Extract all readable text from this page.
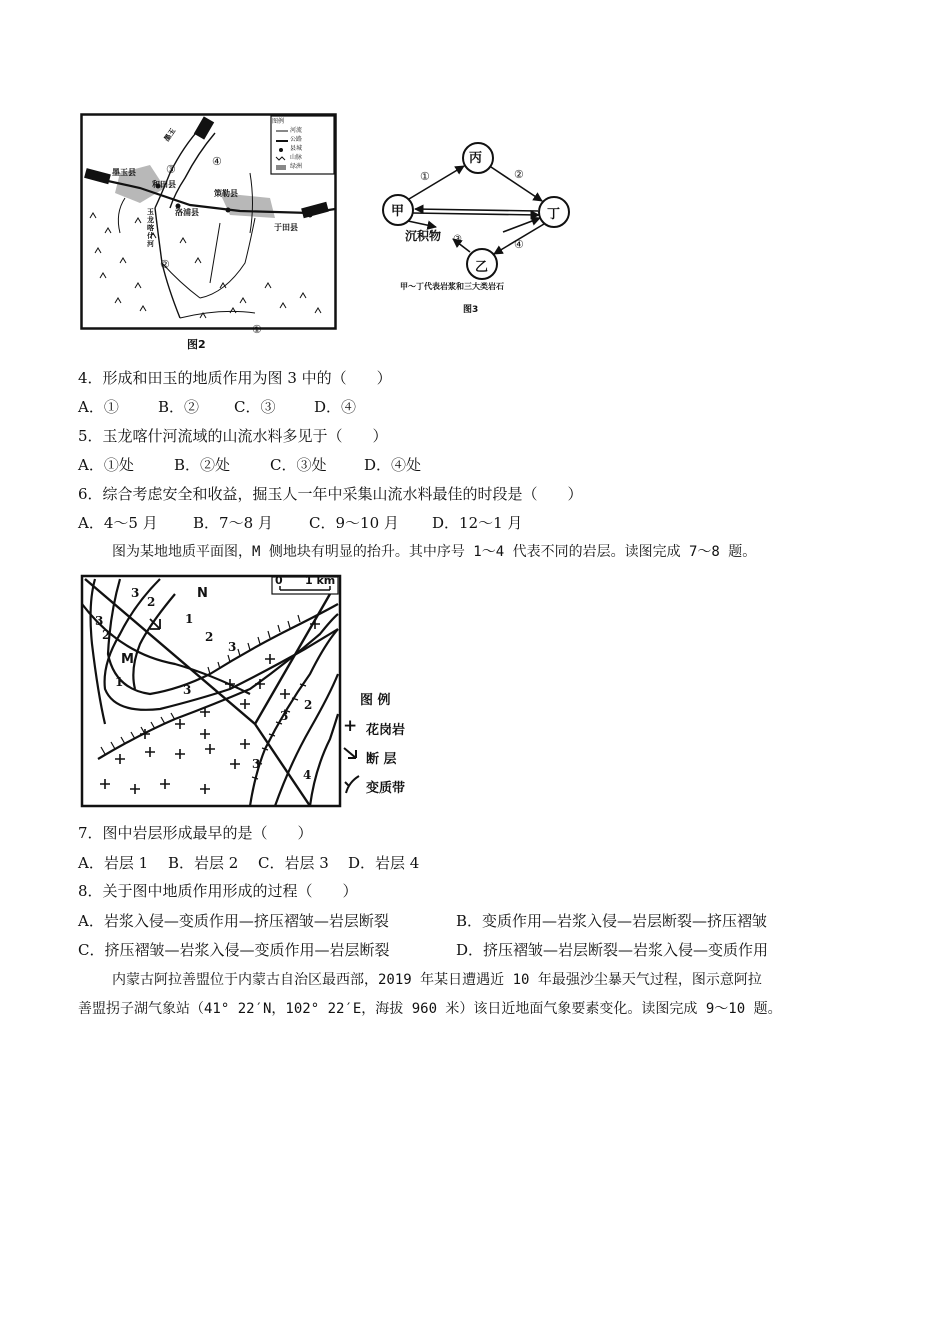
图例
河流
公路
县城
山脉
绿洲
墨玉县
和田县
洛浦县
策勒县
于田县
玉龙喀什河
墨玉
①
②
③
④
图2
丙
甲	丁
乙
沉积物
①	②
③	④
甲～丁代表岩浆和三大类岩石
图3
4．形成和田玉的地质作用为图 3 中的（　　）
A．①	B．② C．③	D．④
5．玉龙喀什河流域的山流水料多见于（　　）
A．①处	B．②处	C．③处	D．④处
6．综合考虑安全和收益，掘玉人一年中采集山流水料最佳的时段是（　　）
A．4～5 月 B．7～8 月 C．9～10 月 D．12～1 月
图为某地地质平面图，M 侧地块有明显的抬升。其中序号 1～4 代表不同的岩层。读图完成 7～8 题。
0 1 km
N
M
1
1
2
2	2
2
3
3
3
3
3
3
4
图 例
+ 花岗岩
断 层
变质带
7．图中岩层形成最早的是（　　）
A．岩层 1 B．岩层 2 C．岩层 3 D．岩层 4
8．关于图中地质作用形成的过程（　　）
A．岩浆入侵—变质作用—挤压褶皱—岩层断裂	B．变质作用—岩浆入侵—岩层断裂—挤压褶皱
C．挤压褶皱—岩浆入侵—变质作用—岩层断裂	D．挤压褶皱—岩层断裂—岩浆入侵—变质作用
内蒙古阿拉善盟位于内蒙古自治区最西部，2019 年某日遭遇近 10 年最强沙尘暴天气过程，图示意阿拉
善盟拐子湖气象站（41° 22′N，102° 22′E，海拔 960 米）该日近地面气象要素变化。读图完成 9～10 题。
